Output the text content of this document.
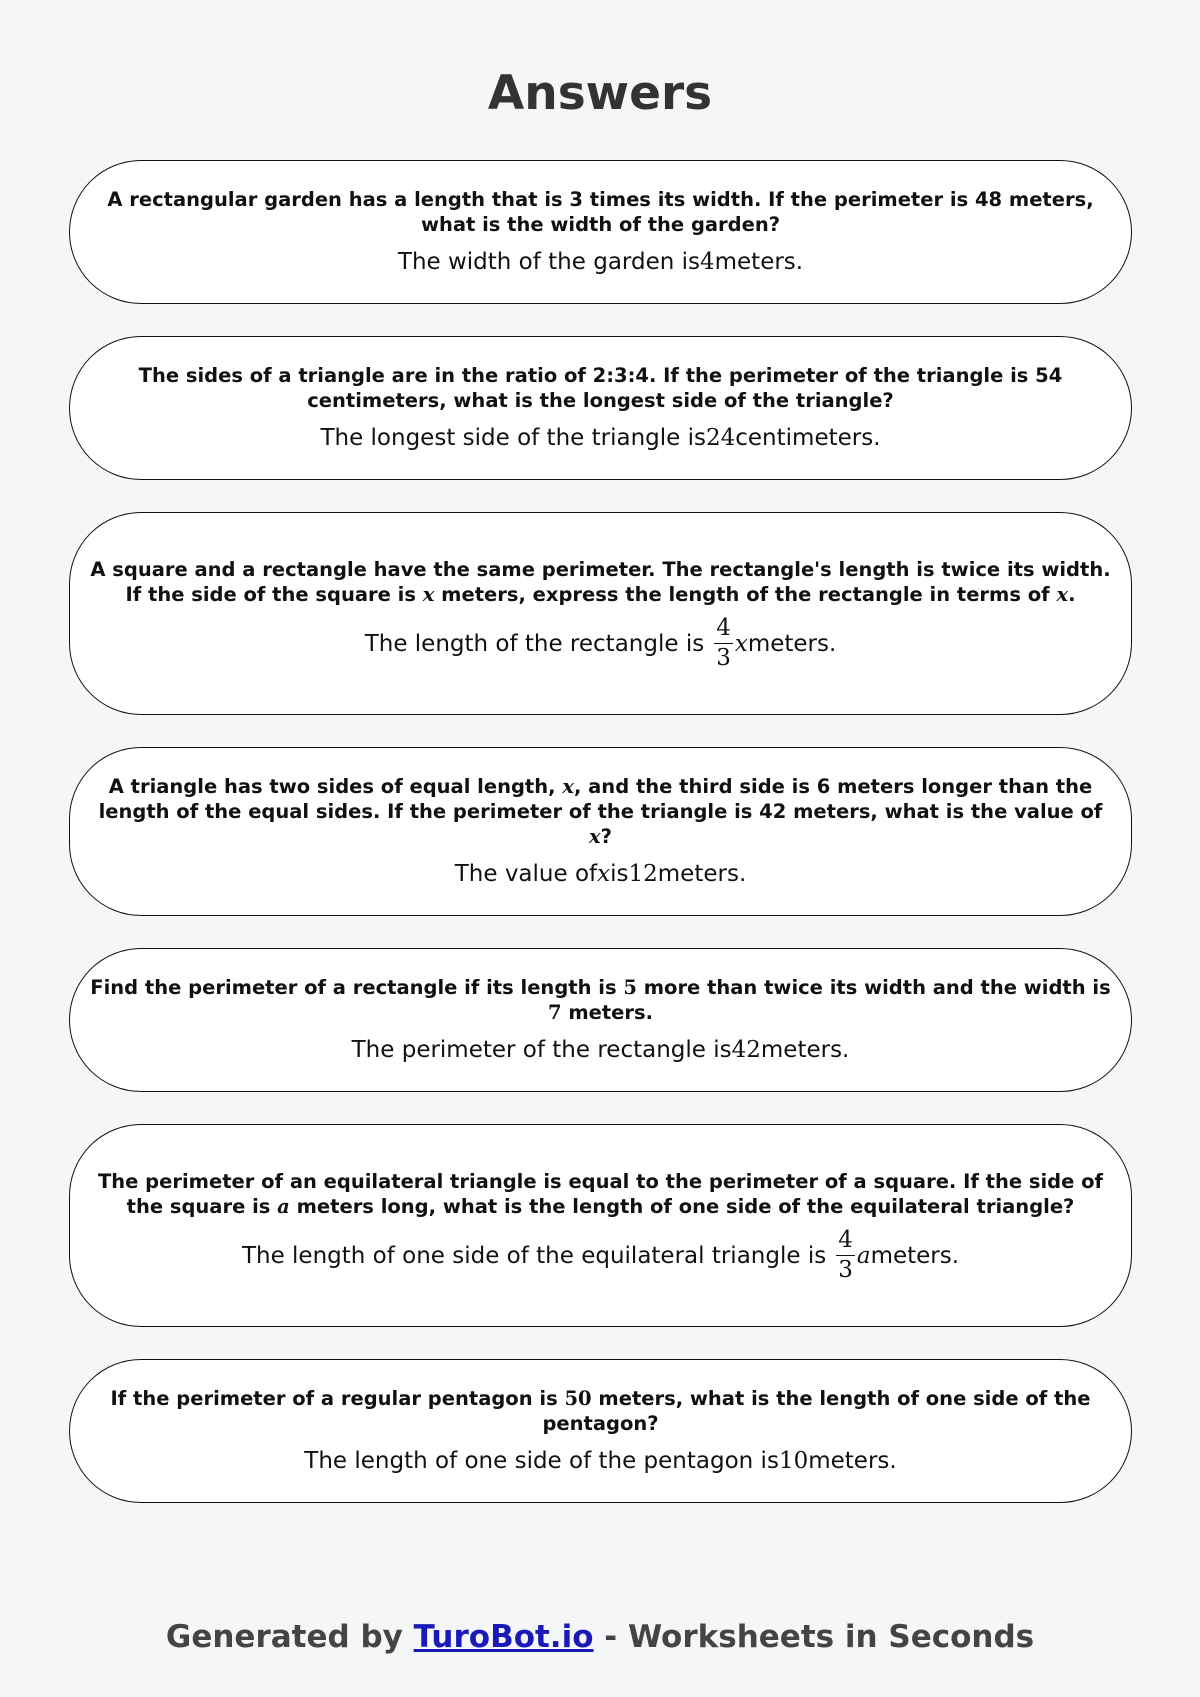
Answers

A rectangular garden has a length that is 3 times its width. If the perimeter is 48 meters, what is the width of the garden?

The width of the garden is 4 meters.

The sides of a triangle are in the ratio of 2:3:4. If the perimeter of the triangle is 54 centimeters, what is the longest side of the triangle?

The longest side of the triangle is 24 centimeters.

A square and a rectangle have the same perimeter. The rectangle's length is twice its width. If the side of the square is x meters, express the length of the rectangle in terms of x.

The length of the rectangle is $\frac{4}{3}$ x meters.

A triangle has two sides of equal length, x, and the third side is 6 meters longer than the length of the equal sides. If the perimeter of the triangle is 42 meters, what is the value of x?

The value of x is 12 meters.

Find the perimeter of a rectangle if its length is 5 more than twice its width and the width is 7 meters.

The perimeter of the rectangle is 42 meters.

The perimeter of an equilateral triangle is equal to the perimeter of a square. If the side of the square is a meters long, what is the length of one side of the equilateral triangle?

The length of one side of the equilateral triangle is $\frac{4}{3}$ a meters.

If the perimeter of a regular pentagon is 50 meters, what is the length of one side of the pentagon?

The length of one side of the pentagon is 10 meters.
Generated by TuroBot.io - Worksheets in Seconds
